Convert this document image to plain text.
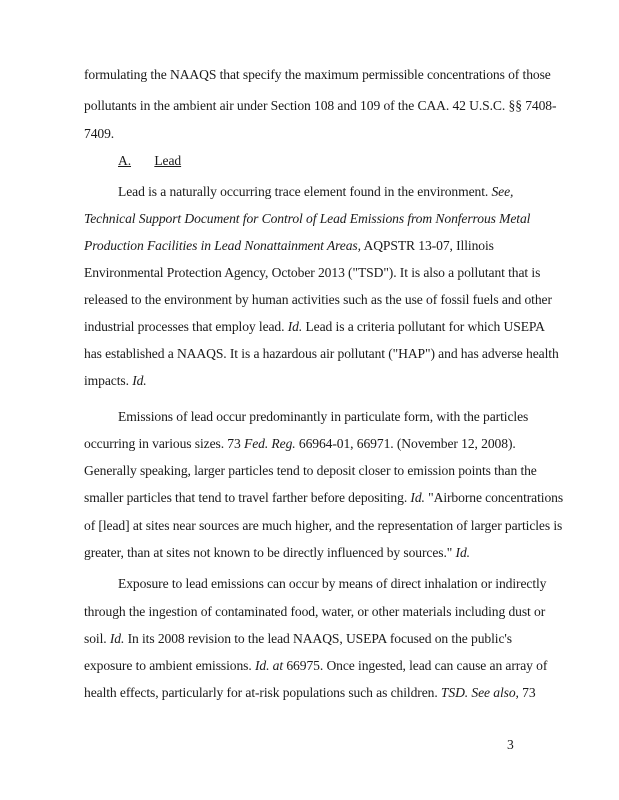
formulating the NAAQS that specify the maximum permissible concentrations of those
pollutants in the ambient air under Section 108 and 109 of the CAA. 42 U.S.C. §§ 7408-
7409.
A. Lead
Lead is a naturally occurring trace element found in the environment. See,
Technical Support Document for Control of Lead Emissions from Nonferrous Metal
Production Facilities in Lead Nonattainment Areas, AQPSTR 13-07, Illinois
Environmental Protection Agency, October 2013 ("TSD"). It is also a pollutant that is
released to the environment by human activities such as the use of fossil fuels and other
industrial processes that employ lead. Id. Lead is a criteria pollutant for which USEPA
has established a NAAQS. It is a hazardous air pollutant ("HAP") and has adverse health
impacts. Id.
Emissions of lead occur predominantly in particulate form, with the particles
occurring in various sizes. 73 Fed. Reg. 66964-01, 66971. (November 12, 2008).
Generally speaking, larger particles tend to deposit closer to emission points than the
smaller particles that tend to travel farther before depositing. Id. "Airborne concentrations
of [lead] at sites near sources are much higher, and the representation of larger particles is
greater, than at sites not known to be directly influenced by sources." Id.
Exposure to lead emissions can occur by means of direct inhalation or indirectly
through the ingestion of contaminated food, water, or other materials including dust or
soil. Id. In its 2008 revision to the lead NAAQS, USEPA focused on the public's
exposure to ambient emissions. Id. at 66975. Once ingested, lead can cause an array of
health effects, particularly for at-risk populations such as children. TSD. See also, 73
3
